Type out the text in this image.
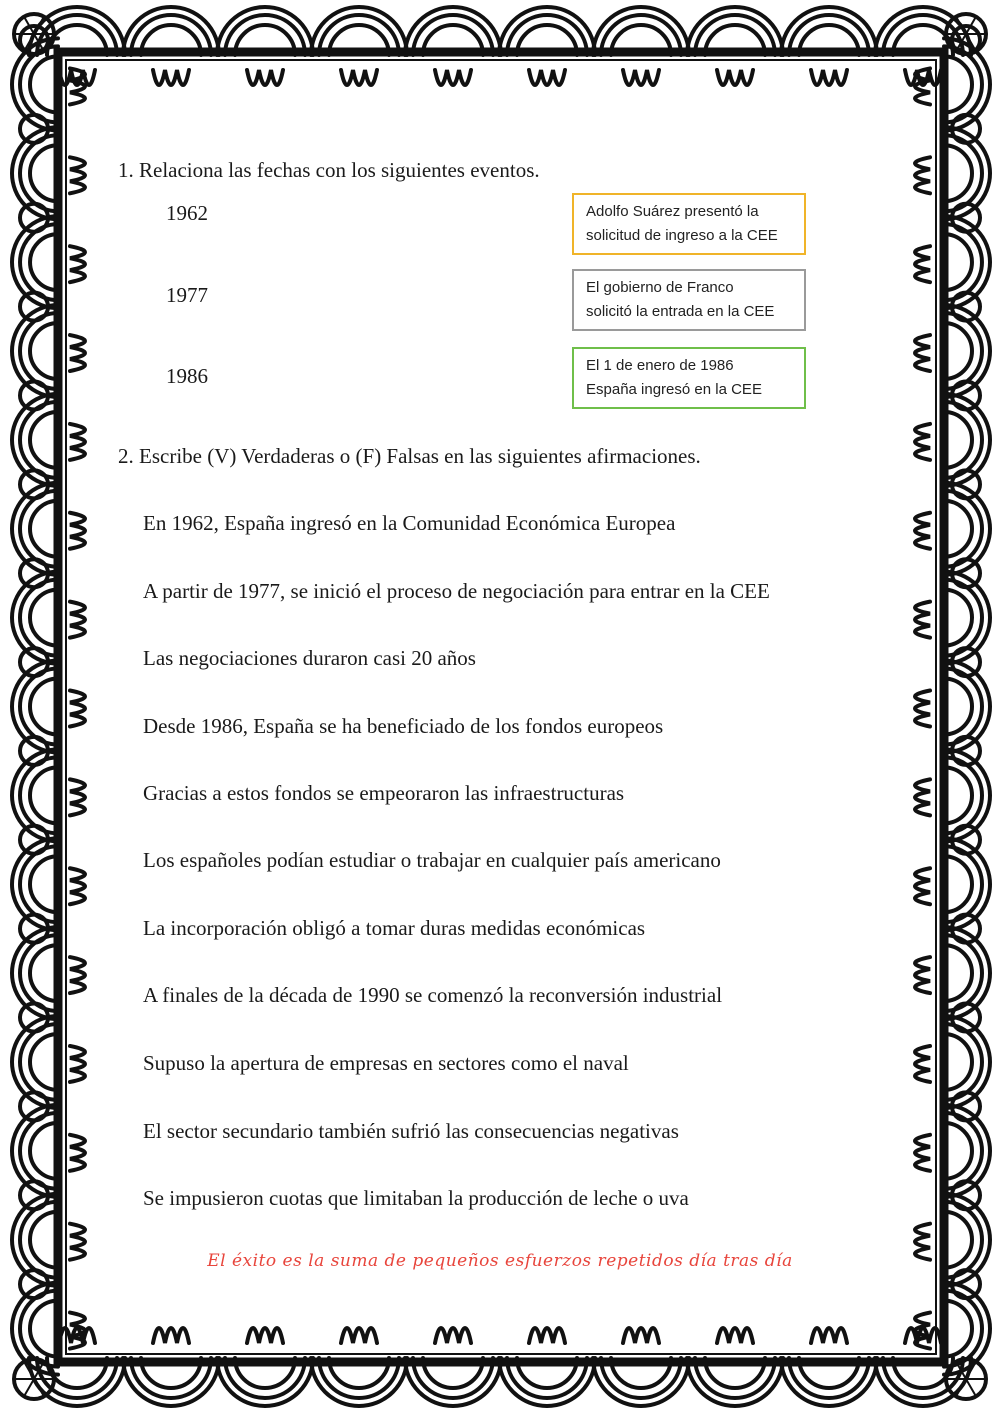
1. Relaciona las fechas con los siguientes eventos.
1962
1977
1986
Adolfo Suárez presentó la
solicitud de ingreso a la CEE
El gobierno de Franco
solicitó la entrada en la CEE
El 1 de enero de 1986
España ingresó en la CEE
2. Escribe (V) Verdaderas o (F) Falsas en las siguientes afirmaciones.
En 1962, España ingresó en la Comunidad Económica Europea
A partir de 1977, se inició el proceso de negociación para entrar en la CEE
Las negociaciones duraron casi 20 años
Desde 1986, España se ha beneficiado de los fondos europeos
Gracias a estos fondos se empeoraron las infraestructuras
Los españoles podían estudiar o trabajar en cualquier país americano
La incorporación obligó a tomar duras medidas económicas
A finales de la década de 1990 se comenzó la reconversión industrial
Supuso la apertura de empresas en sectores como el naval
El sector secundario también sufrió las consecuencias negativas
Se impusieron cuotas que limitaban la producción de leche o uva
El éxito es la suma de pequeños esfuerzos repetidos día tras día
